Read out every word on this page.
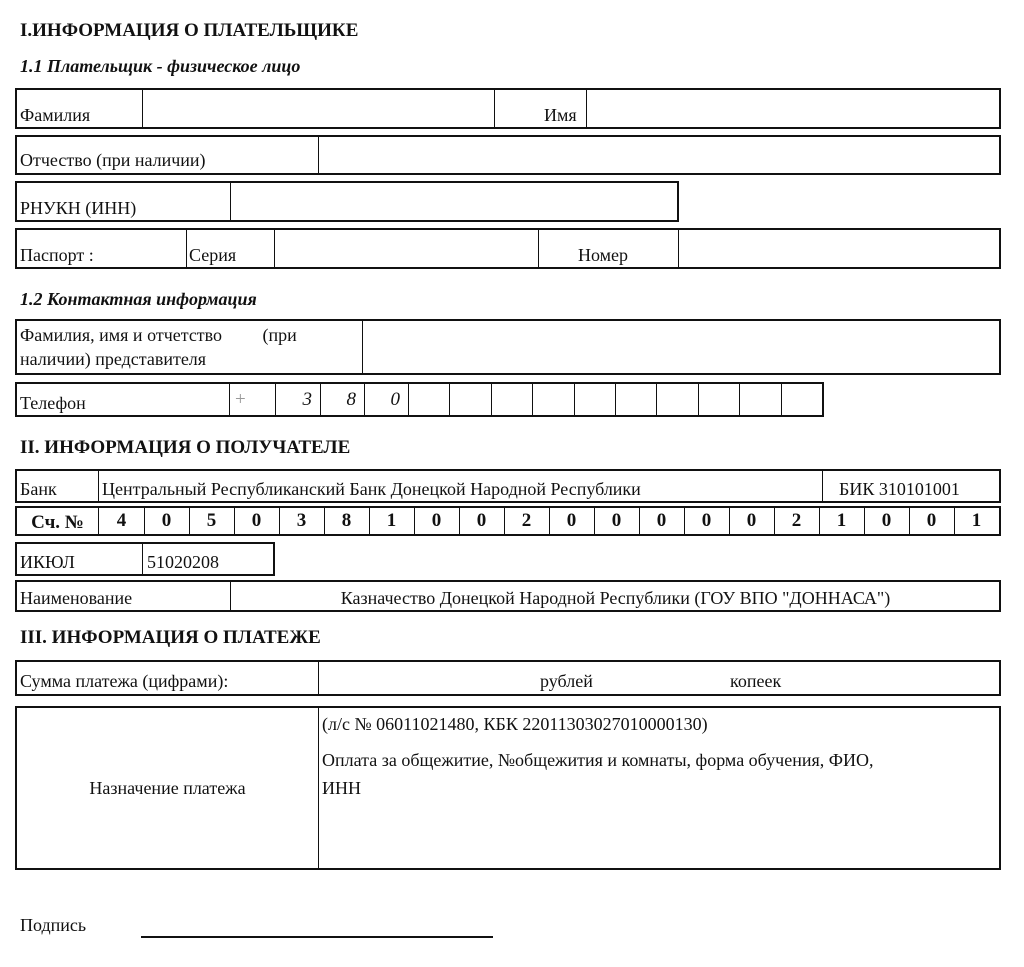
I.ИНФОРМАЦИЯ О ПЛАТЕЛЬЩИКЕ
1.1 Плательщик - физическое лицо
Фамилия	Имя
Отчество (при наличии)
РНУКН (ИНН)
Паспорт :	Серия	Номер
1.2 Контактная информация
Фамилия, имя и отчетство         (при
наличии) представителя
Телефон	+	3	8	0
II. ИНФОРМАЦИЯ О ПОЛУЧАТЕЛЕ
Банк	Центральный Республиканский Банк Донецкой Народной Республики	БИК 310101001
Сч. №	4	0	5	0	3	8	1	0	0	2	0	0	0	0	0	2	1	0	0	1
ИКЮЛ	51020208
Наименование	Казначество Донецкой Народной Республики (ГОУ ВПО "ДОННАСА")
III. ИНФОРМАЦИЯ О ПЛАТЕЖЕ
Сумма платежа (цифрами):	рублей	копеек
Назначение платежа
(л/с № 06011021480, КБК 22011303027010000130)
Оплата за общежитие, №общежития и комнаты, форма обучения, ФИО,
ИНН
Подпись
